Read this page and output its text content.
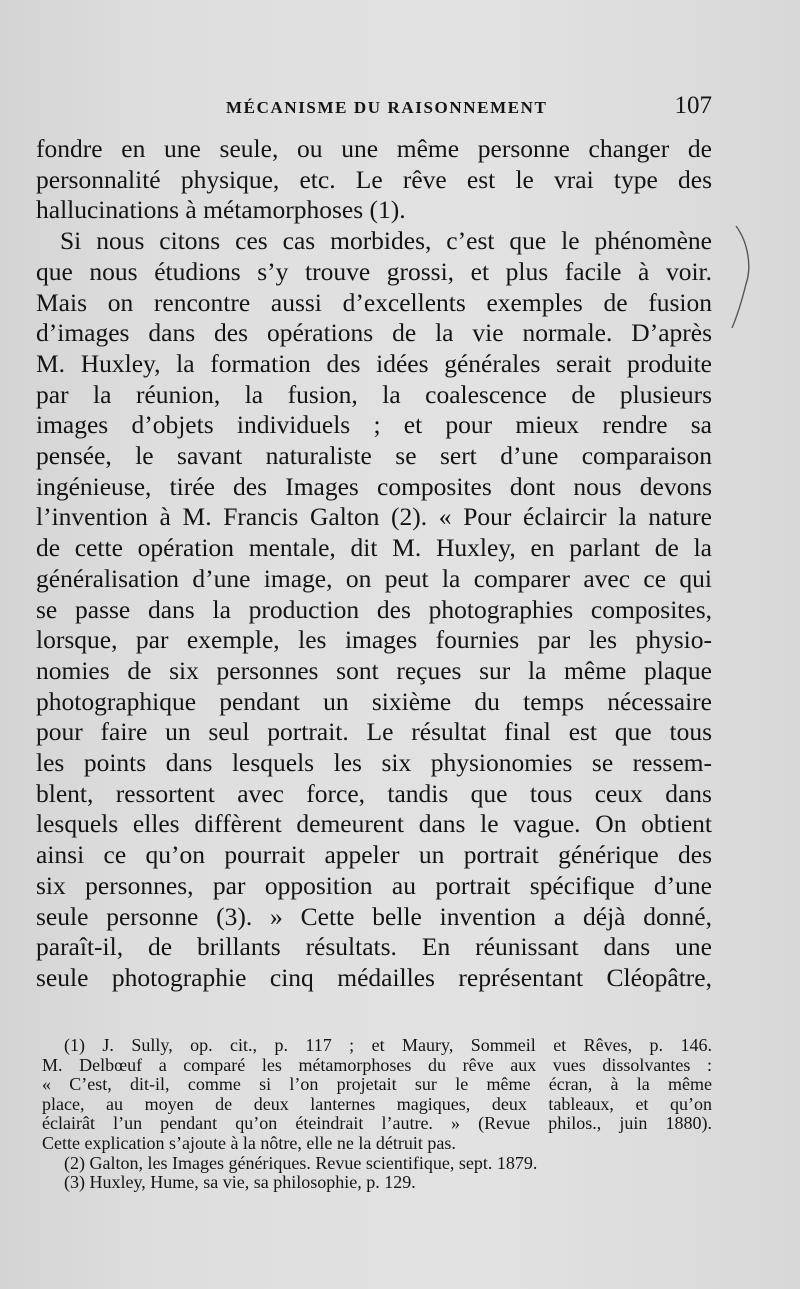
MÉCANISME DU RAISONNEMENT	107
fondre en une seule, ou une même personne changer de
personnalité physique, etc. Le rêve est le vrai type des
hallucinations à métamorphoses (1).
Si nous citons ces cas morbides, c’est que le phénomène
que nous étudions s’y trouve grossi, et plus facile à voir.
Mais on rencontre aussi d’excellents exemples de fusion
d’images dans des opérations de la vie normale. D’après
M. Huxley, la formation des idées générales serait produite
par la réunion, la fusion, la coalescence de plusieurs
images d’objets individuels ; et pour mieux rendre sa
pensée, le savant naturaliste se sert d’une comparaison
ingénieuse, tirée des Images composites dont nous devons
l’invention à M. Francis Galton (2). « Pour éclaircir la nature
de cette opération mentale, dit M. Huxley, en parlant de la
généralisation d’une image, on peut la comparer avec ce qui
se passe dans la production des photographies composites,
lorsque, par exemple, les images fournies par les physio-
nomies de six personnes sont reçues sur la même plaque
photographique pendant un sixième du temps nécessaire
pour faire un seul portrait. Le résultat final est que tous
les points dans lesquels les six physionomies se ressem-
blent, ressortent avec force, tandis que tous ceux dans
lesquels elles diffèrent demeurent dans le vague. On obtient
ainsi ce qu’on pourrait appeler un portrait générique des
six personnes, par opposition au portrait spécifique d’une
seule personne (3). » Cette belle invention a déjà donné,
paraît-il, de brillants résultats. En réunissant dans une
seule photographie cinq médailles représentant Cléopâtre,
(1) J. Sully, op. cit., p. 117 ; et Maury, Sommeil et Rêves, p. 146.
M. Delbœuf a comparé les métamorphoses du rêve aux vues dissolvantes :
« C’est, dit-il, comme si l’on projetait sur le même écran, à la même
place, au moyen de deux lanternes magiques, deux tableaux, et qu’on
éclairât l’un pendant qu’on éteindrait l’autre. » (Revue philos., juin 1880).
Cette explication s’ajoute à la nôtre, elle ne la détruit pas.
(2) Galton, les Images génériques. Revue scientifique, sept. 1879.
(3) Huxley, Hume, sa vie, sa philosophie, p. 129.
